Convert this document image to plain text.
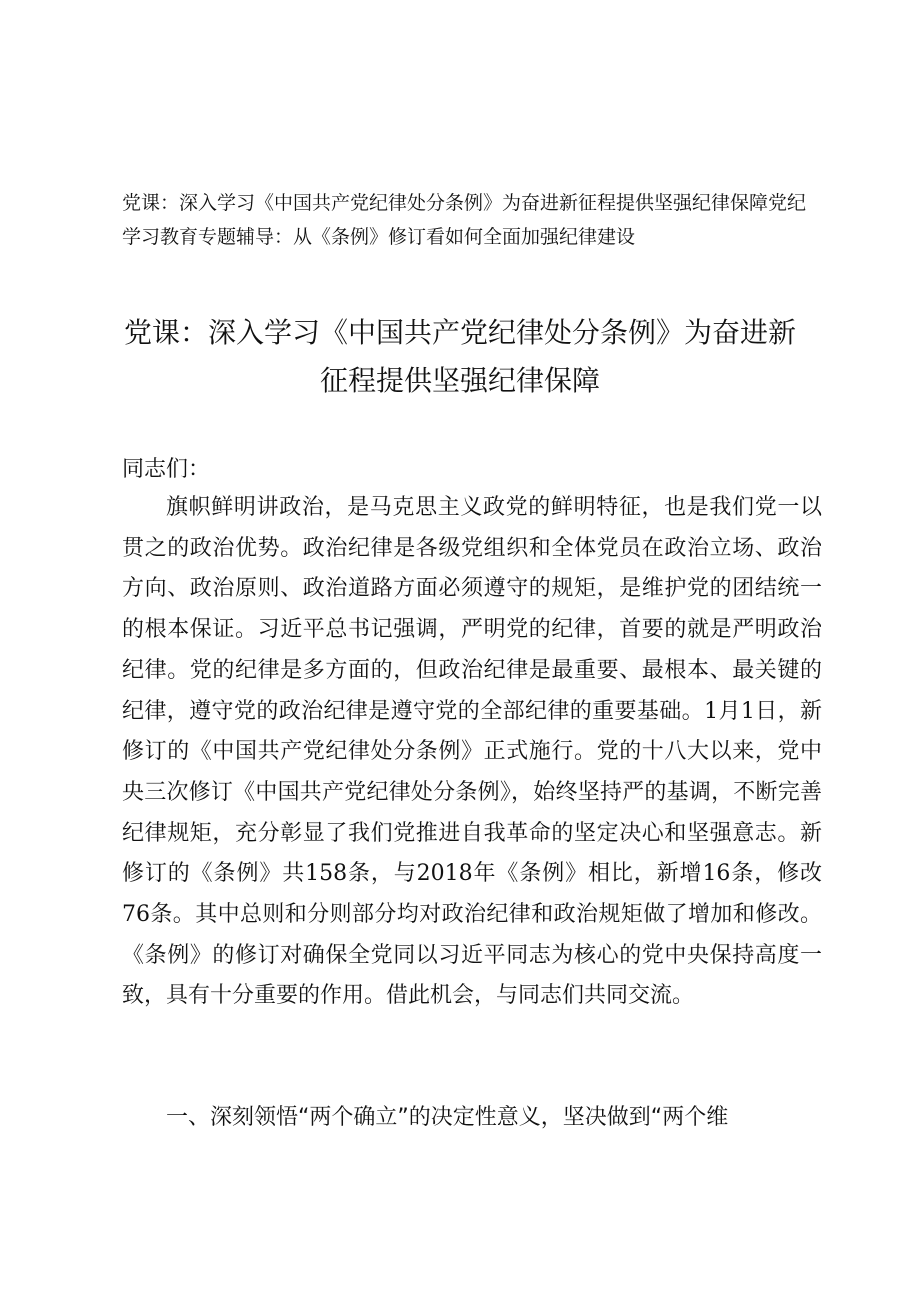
党课：深入学习《中国共产党纪律处分条例》为奋进新征程提供坚强纪律保障党纪学习教育专题辅导：从《条例》修订看如何全面加强纪律建设
党课：深入学习《中国共产党纪律处分条例》为奋进新
征程提供坚强纪律保障
同志们：

旗帜鲜明讲政治，是马克思主义政党的鲜明特征，也是我们党一以贯之的政治优势。政治纪律是各级党组织和全体党员在政治立场、政治方向、政治原则、政治道路方面必须遵守的规矩，是维护党的团结统一的根本保证。习近平总书记强调，严明党的纪律，首要的就是严明政治纪律。党的纪律是多方面的，但政治纪律是最重要、最根本、最关键的纪律，遵守党的政治纪律是遵守党的全部纪律的重要基础。1月1日，新修订的《中国共产党纪律处分条例》正式施行。党的十八大以来，党中央三次修订《中国共产党纪律处分条例》，始终坚持严的基调，不断完善纪律规矩，充分彰显了我们党推进自我革命的坚定决心和坚强意志。新修订的《条例》共158条，与2018年《条例》相比，新增16条，修改76条。其中总则和分则部分均对政治纪律和政治规矩做了增加和修改。《条例》的修订对确保全党同以习近平同志为核心的党中央保持高度一致，具有十分重要的作用。借此机会，与同志们共同交流。

一、深刻领悟“两个确立”的决定性意义，坚决做到“两个维
